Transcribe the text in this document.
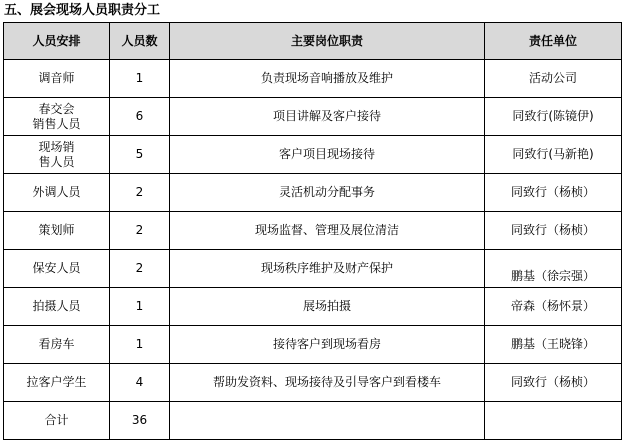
五、展会现场人员职责分工
人员安排	人员数	主要岗位职责	责任单位
调音师	1	负责现场音响播放及维护	活动公司
春交会
销售人员	6	项目讲解及客户接待	同致行(陈镜伊)
现场销
售人员	5	客户项目现场接待	同致行(马新艳)
外调人员	2	灵活机动分配事务	同致行（杨桢）
策划师	2	现场监督、管理及展位清洁	同致行（杨桢）
保安人员	2	现场秩序维护及财产保护	鹏基（徐宗强）
拍摄人员	1	展场拍摄	帝森（杨怀景）
看房车	1	接待客户到现场看房	鹏基（王晓锋）
拉客户学生	4	帮助发资料、现场接待及引导客户到看楼车	同致行（杨桢）
合计	36		
